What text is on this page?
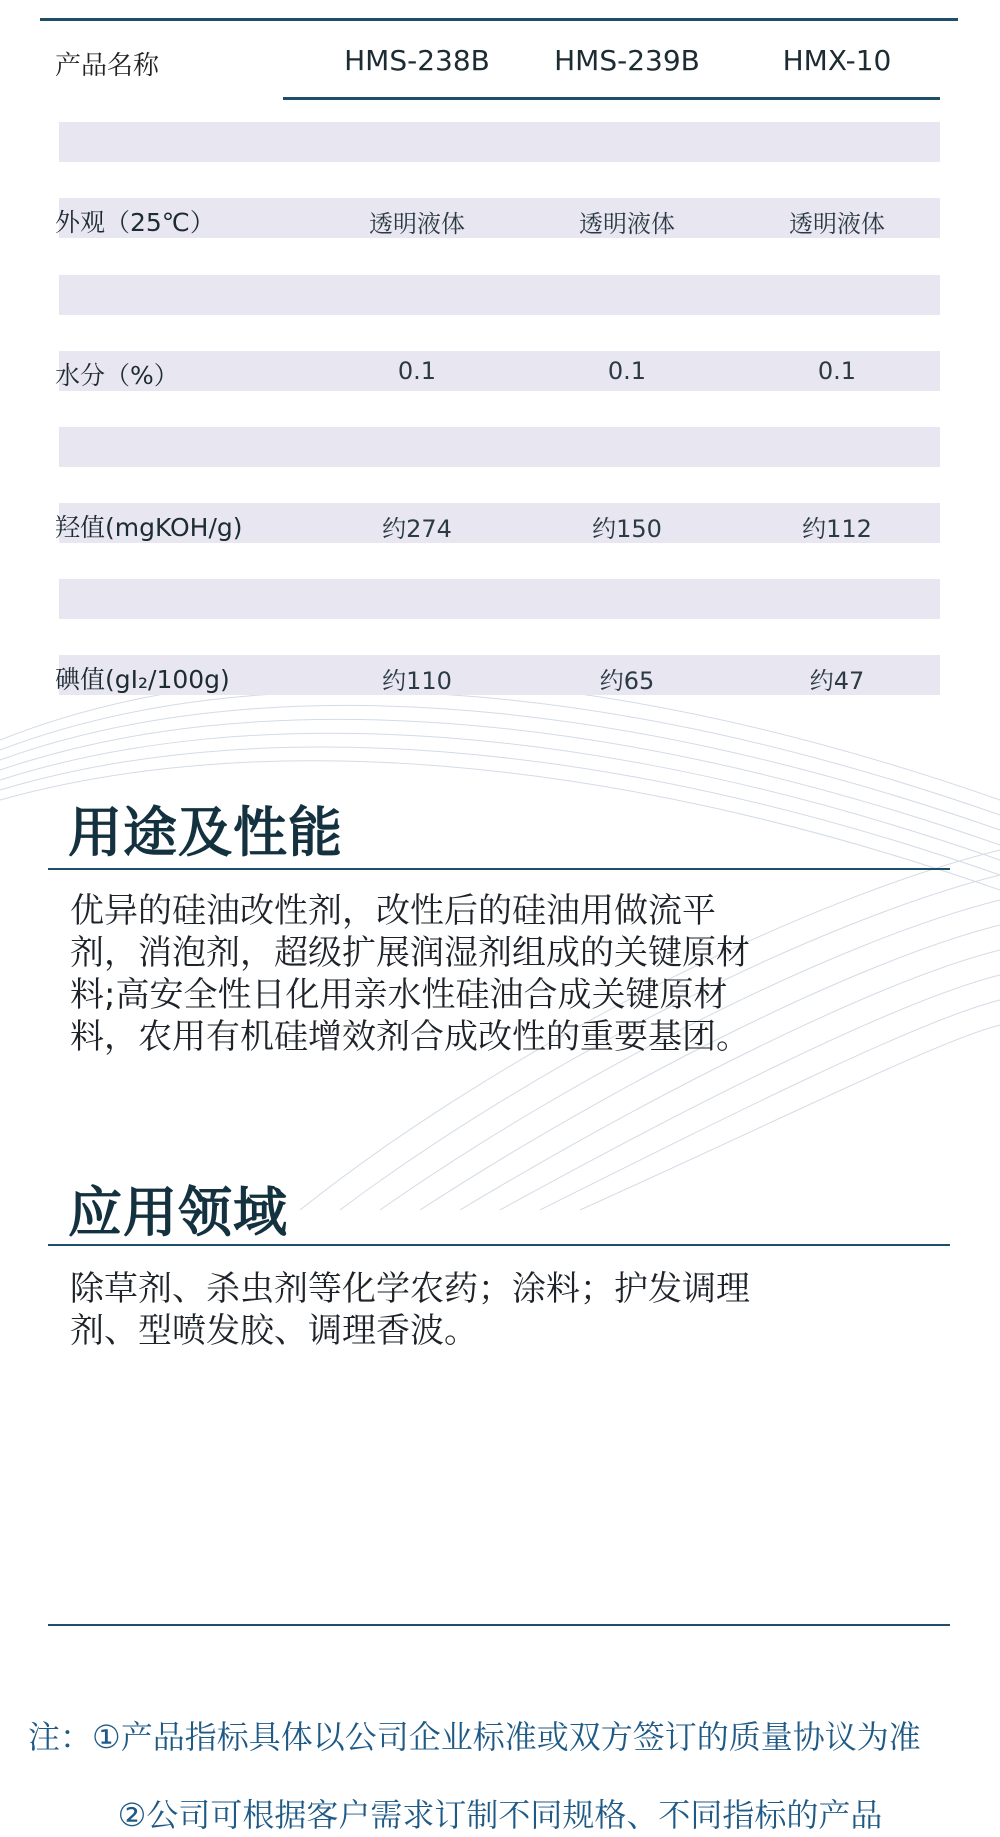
产品名称	HMS-238B	HMS-239B	HMX-10
外观（25℃）	透明液体	透明液体	透明液体
水分（%）	0.1	0.1	0.1
羟值(mgKOH/g)	约274	约150	约112
碘值(gI₂/100g)	约110	约65	约47
用途及性能
优异的硅油改性剂，改性后的硅油用做流平
剂，消泡剂，超级扩展润湿剂组成的关键原材
料;高安全性日化用亲水性硅油合成关键原材
料，农用有机硅增效剂合成改性的重要基团。
应用领域
除草剂、杀虫剂等化学农药；涂料；护发调理
剂、型喷发胶、调理香波。
注：①产品指标具体以公司企业标准或双方签订的质量协议为准
②公司可根据客户需求订制不同规格、不同指标的产品
